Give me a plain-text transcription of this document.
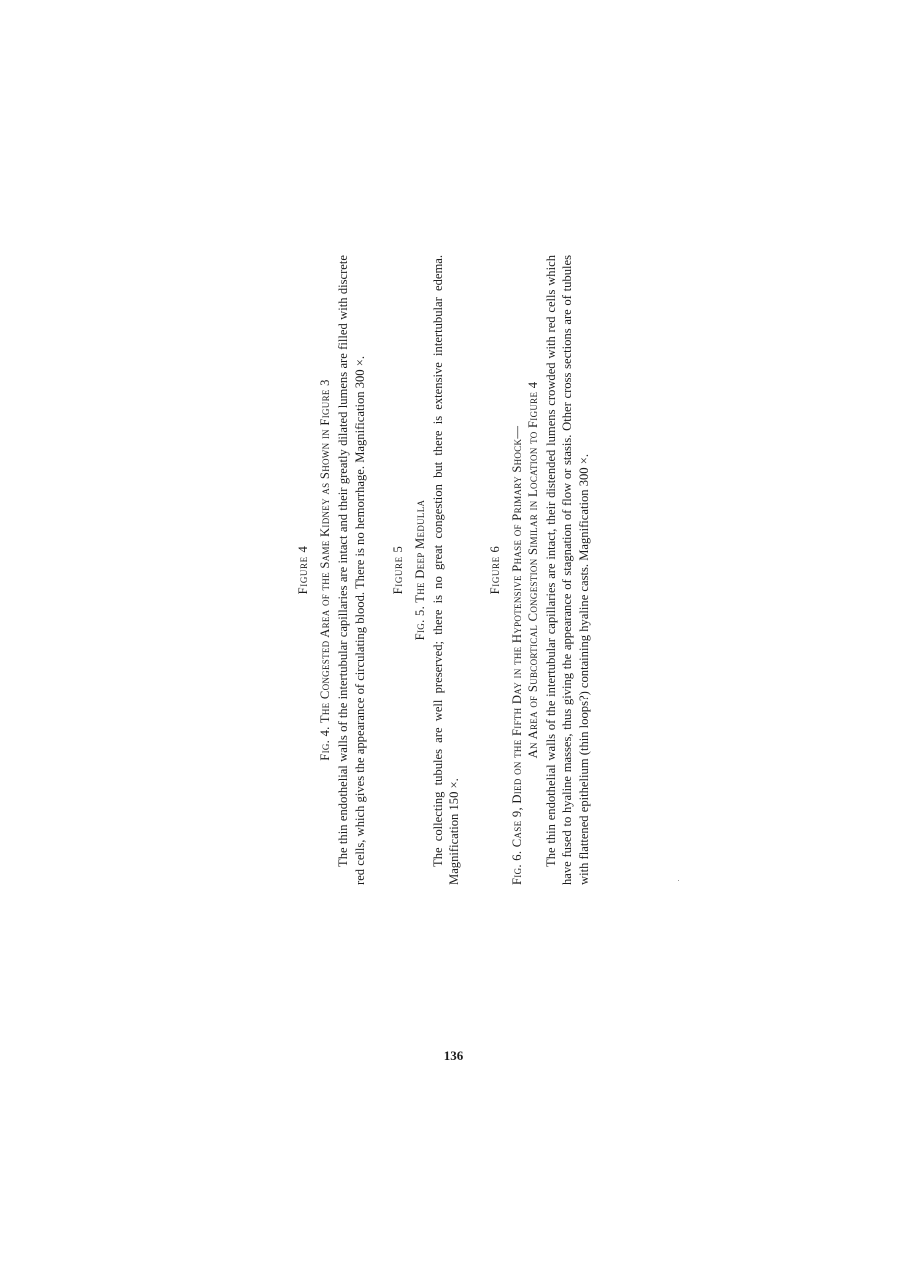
Figure 4 Fig. 4. The Congested Area of the Same Kidney as Shown in Figure 3 The thin endothelial walls of the intertubular capillaries are intact and their greatly dilated lumens are filled with discrete red cells, which gives the appearance of circulating blood. There is no hemorrhage. Magnification 300 ×. Figure 5 Fig. 5. The Deep Medulla The collecting tubules are well preserved; there is no great congestion but there is extensive intertubular edema. Magnification 150 ×.

Figure 6 Fig. 6. Case 9, Died on the Fifth Day in the Hypotensive Phase of Primary Shock— An Area of Subcortical Congestion Similar in Location to Figure 4 The thin endothelial walls of the intertubular capillaries are intact, their distended lumens crowded with red cells which have fused to hyaline masses, thus giving the appearance of stagnation of flow or stasis. Other cross sections are of tubules with flattened epithelium (thin loops?) containing hyaline casts. Magnification 300 ×.

136
